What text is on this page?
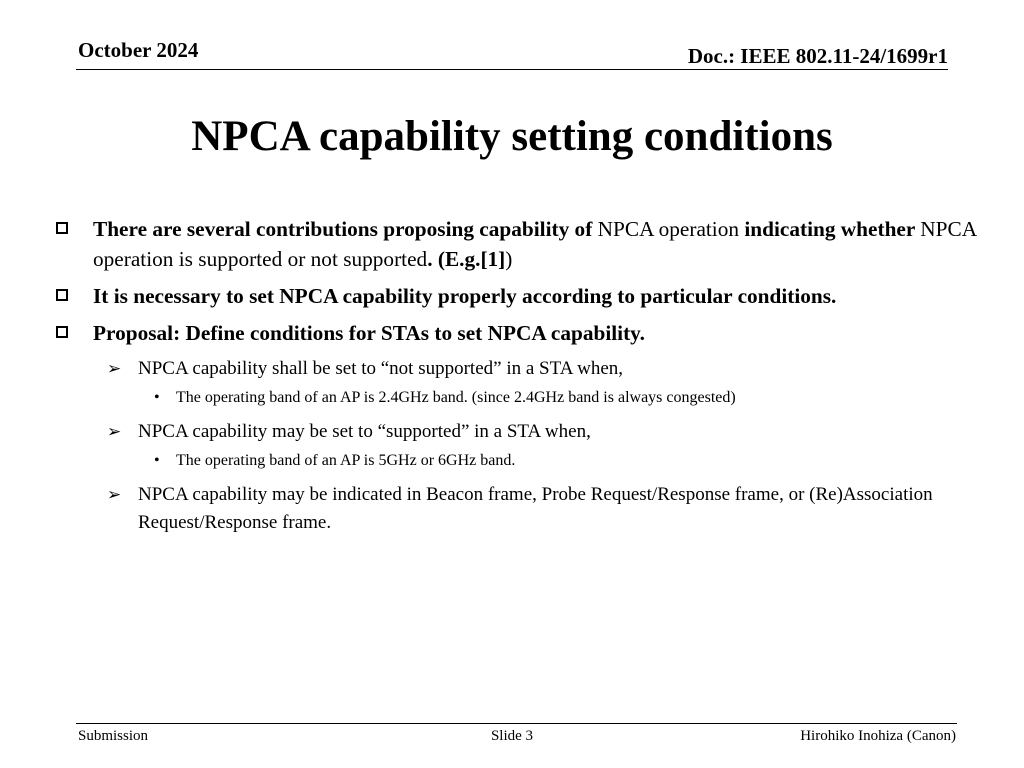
October 2024	Doc.: IEEE 802.11-24/1699r1
NPCA capability setting conditions
There are several contributions proposing capability of NPCA operation indicating whether NPCA operation is supported or not supported. (E.g.[1])
It is necessary to set NPCA capability properly according to particular conditions.
Proposal: Define conditions for STAs to set NPCA capability.
➢ NPCA capability shall be set to “not supported” in a STA when,
• The operating band of an AP is 2.4GHz band. (since 2.4GHz band is always congested)
➢ NPCA capability may be set to “supported” in a STA when,
• The operating band of an AP is 5GHz or 6GHz band.
➢ NPCA capability may be indicated in Beacon frame, Probe Request/Response frame, or (Re)Association Request/Response frame.
Submission	Slide 3	Hirohiko Inohiza (Canon)
